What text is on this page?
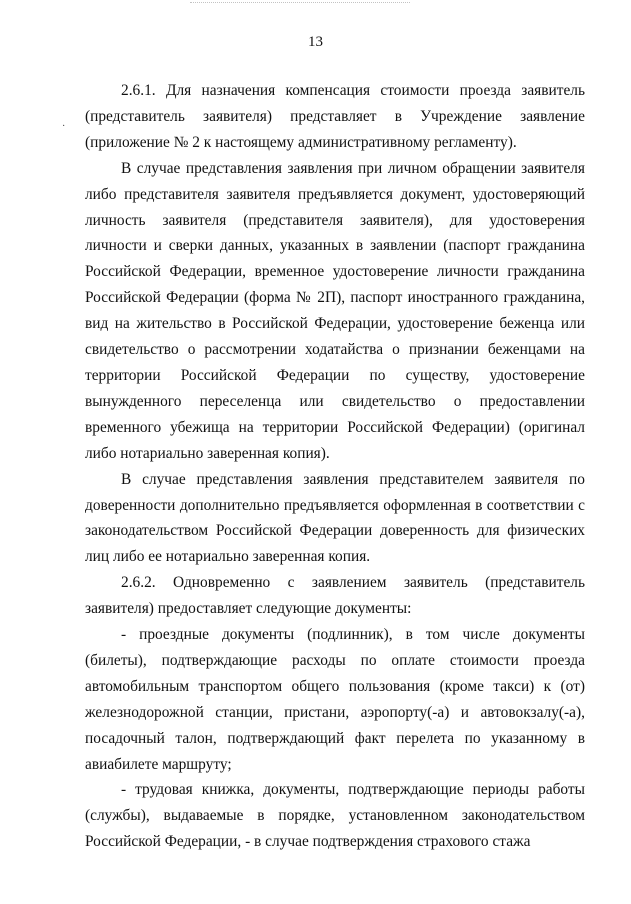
13
·

2.6.1. Для назначения компенсация стоимости проезда заявитель (представитель заявителя) представляет в Учреждение заявление (приложение № 2 к настоящему административному регламенту).

В случае представления заявления при личном обращении заявителя либо представителя заявителя предъявляется документ, удостоверяющий личность заявителя (представителя заявителя), для удостоверения личности и сверки данных, указанных в заявлении (паспорт гражданина Российской Федерации, временное удостоверение личности гражданина Российской Федерации (форма № 2П), паспорт иностранного гражданина, вид на жительство в Российской Федерации, удостоверение беженца или свидетельство о рассмотрении ходатайства о признании беженцами на территории Российской Федерации по существу, удостоверение вынужденного переселенца или свидетельство о предоставлении временного убежища на территории Российской Федерации) (оригинал либо нотариально заверенная копия).

В случае представления заявления представителем заявителя по доверенности дополнительно предъявляется оформленная в соответствии с законодательством Российской Федерации доверенность для физических лиц либо ее нотариально заверенная копия.

2.6.2. Одновременно с заявлением заявитель (представитель заявителя) предоставляет следующие документы:

- проездные документы (подлинник), в том числе документы (билеты), подтверждающие расходы по оплате стоимости проезда автомобильным транспортом общего пользования (кроме такси) к (от) железнодорожной станции, пристани, аэропорту(-а) и автовокзалу(-а), посадочный талон, подтверждающий факт перелета по указанному в авиабилете маршруту;

- трудовая книжка, документы, подтверждающие периоды работы (службы), выдаваемые в порядке, установленном законодательством Российской Федерации, - в случае подтверждения страхового стажа
